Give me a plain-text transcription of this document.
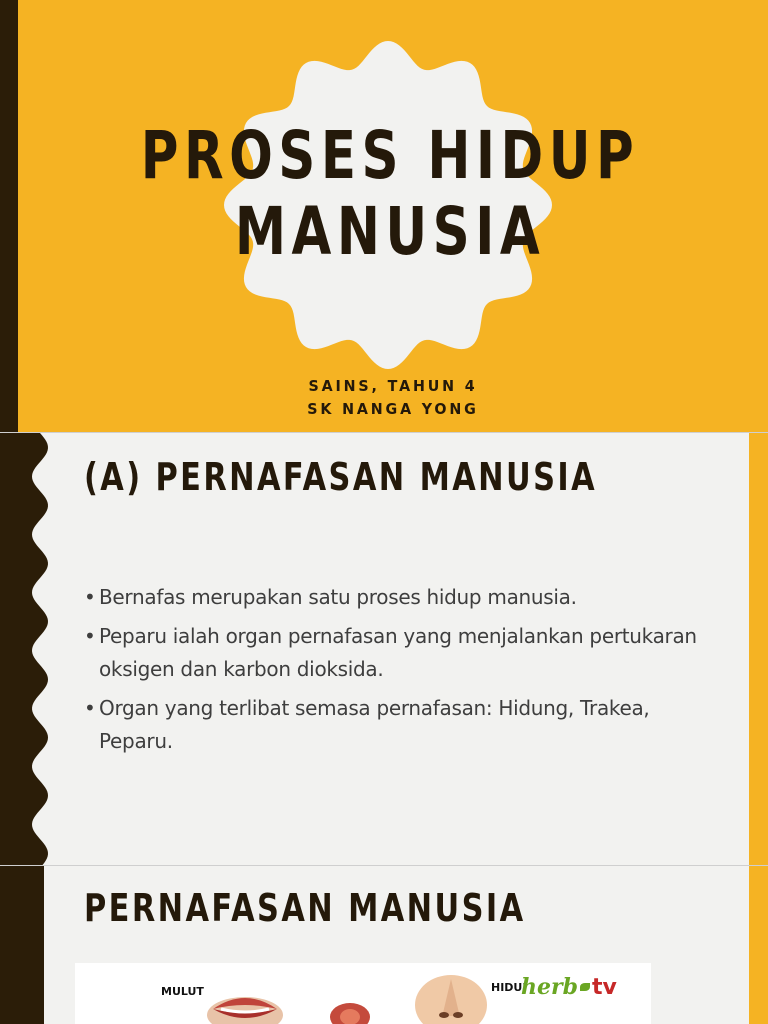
PROSES HIDUP
MANUSIA
SAINS, TAHUN 4
SK NANGA YONG
(A) PERNAFASAN MANUSIA
• Bernafas merupakan satu proses hidup manusia.
• Peparu ialah organ pernafasan yang menjalankan pertukaran oksigen dan karbon dioksida.
• Organ yang terlibat semasa pernafasan: Hidung, Trakea, Peparu.
PERNAFASAN MANUSIA
MULUT	HIDUI
herb tv
